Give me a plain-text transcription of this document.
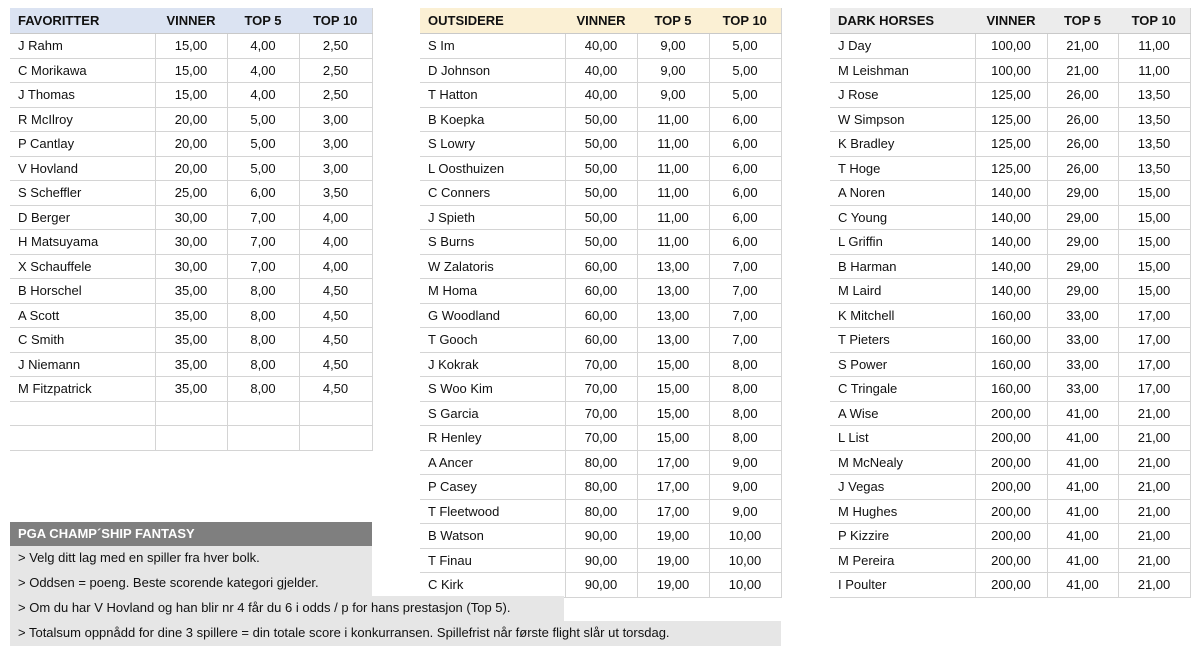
FAVORITTER	VINNER	TOP 5	TOP 10
J Rahm	15,00	4,00	2,50
C Morikawa	15,00	4,00	2,50
J Thomas	15,00	4,00	2,50
R McIlroy	20,00	5,00	3,00
P Cantlay	20,00	5,00	3,00
V Hovland	20,00	5,00	3,00
S Scheffler	25,00	6,00	3,50
D Berger	30,00	7,00	4,00
H Matsuyama	30,00	7,00	4,00
X Schauffele	30,00	7,00	4,00
B Horschel	35,00	8,00	4,50
A Scott	35,00	8,00	4,50
C Smith	35,00	8,00	4,50
J Niemann	35,00	8,00	4,50
M Fitzpatrick	35,00	8,00	4,50

OUTSIDERE	VINNER	TOP 5	TOP 10
S Im	40,00	9,00	5,00
D Johnson	40,00	9,00	5,00
T Hatton	40,00	9,00	5,00
B Koepka	50,00	11,00	6,00
S Lowry	50,00	11,00	6,00
L Oosthuizen	50,00	11,00	6,00
C Conners	50,00	11,00	6,00
J Spieth	50,00	11,00	6,00
S Burns	50,00	11,00	6,00
W Zalatoris	60,00	13,00	7,00
M Homa	60,00	13,00	7,00
G Woodland	60,00	13,00	7,00
T Gooch	60,00	13,00	7,00
J Kokrak	70,00	15,00	8,00
S Woo Kim	70,00	15,00	8,00
S Garcia	70,00	15,00	8,00
R Henley	70,00	15,00	8,00
A Ancer	80,00	17,00	9,00
P Casey	80,00	17,00	9,00
T Fleetwood	80,00	17,00	9,00
B Watson	90,00	19,00	10,00
T Finau	90,00	19,00	10,00
C Kirk	90,00	19,00	10,00
DARK HORSES	VINNER	TOP 5	TOP 10
J Day	100,00	21,00	11,00
M Leishman	100,00	21,00	11,00
J Rose	125,00	26,00	13,50
W Simpson	125,00	26,00	13,50
K Bradley	125,00	26,00	13,50
T Hoge	125,00	26,00	13,50
A Noren	140,00	29,00	15,00
C Young	140,00	29,00	15,00
L Griffin	140,00	29,00	15,00
B Harman	140,00	29,00	15,00
M Laird	140,00	29,00	15,00
K Mitchell	160,00	33,00	17,00
T Pieters	160,00	33,00	17,00
S Power	160,00	33,00	17,00
C Tringale	160,00	33,00	17,00
A Wise	200,00	41,00	21,00
L List	200,00	41,00	21,00
M McNealy	200,00	41,00	21,00
J Vegas	200,00	41,00	21,00
M Hughes	200,00	41,00	21,00
P Kizzire	200,00	41,00	21,00
M Pereira	200,00	41,00	21,00
I Poulter	200,00	41,00	21,00
PGA CHAMP´SHIP FANTASY
> Velg ditt lag med en spiller fra hver bolk.
> Oddsen = poeng. Beste scorende kategori gjelder.
> Om du har V Hovland og han blir nr 4 får du 6 i odds / p for hans prestasjon (Top 5).
> Totalsum oppnådd for dine 3 spillere = din totale score i konkurransen. Spillefrist når første flight slår ut torsdag.
